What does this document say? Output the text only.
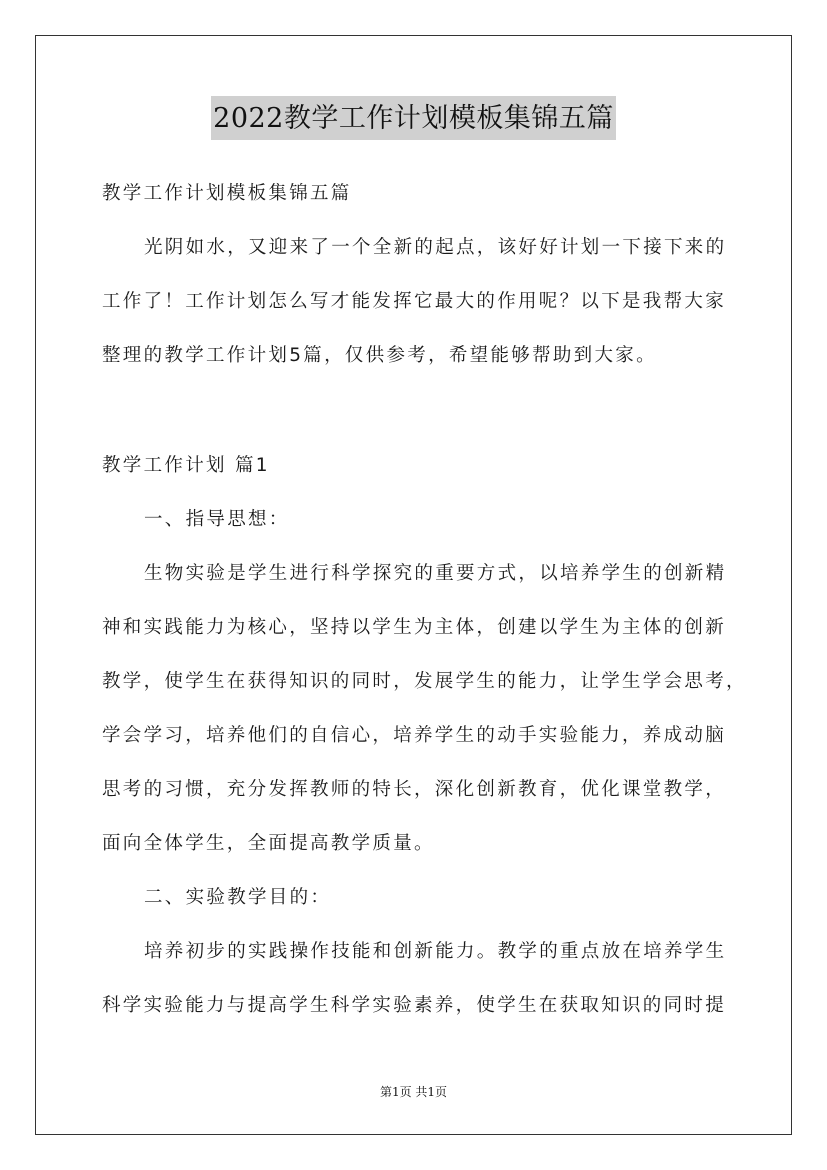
2022教学工作计划模板集锦五篇
教学工作计划模板集锦五篇
光阴如水，又迎来了一个全新的起点，该好好计划一下接下来的
工作了！工作计划怎么写才能发挥它最大的作用呢？以下是我帮大家
整理的教学工作计划5篇，仅供参考，希望能够帮助到大家。
教学工作计划 篇1
一、指导思想：
生物实验是学生进行科学探究的重要方式，以培养学生的创新精
神和实践能力为核心，坚持以学生为主体，创建以学生为主体的创新
教学，使学生在获得知识的同时，发展学生的能力，让学生学会思考，
学会学习，培养他们的自信心，培养学生的动手实验能力，养成动脑
思考的习惯，充分发挥教师的特长，深化创新教育，优化课堂教学，
面向全体学生，全面提高教学质量。
二、实验教学目的：
培养初步的实践操作技能和创新能力。教学的重点放在培养学生
科学实验能力与提高学生科学实验素养，使学生在获取知识的同时提
第1页 共1页
